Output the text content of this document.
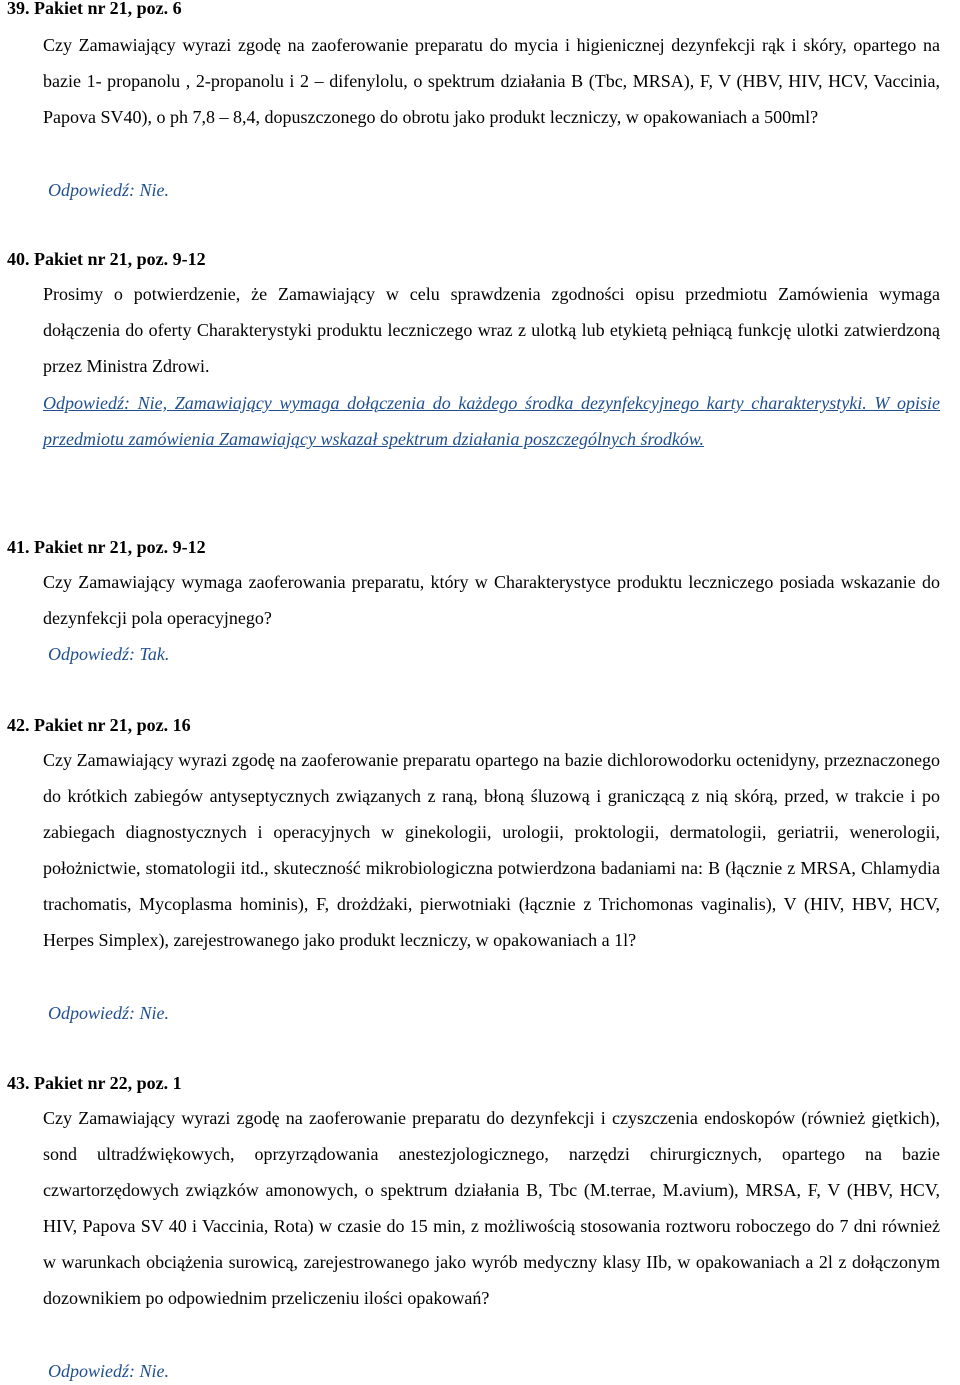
39. Pakiet nr 21, poz. 6
Czy Zamawiający wyrazi zgodę na zaoferowanie preparatu do mycia i higienicznej dezynfekcji rąk i skóry, opartego na bazie 1- propanolu , 2-propanolu i 2 – difenylolu, o spektrum działania B (Tbc, MRSA), F, V (HBV, HIV, HCV, Vaccinia, Papova SV40), o ph 7,8 – 8,4, dopuszczonego do obrotu jako produkt leczniczy, w opakowaniach a 500ml?
Odpowiedź: Nie.
40. Pakiet nr 21, poz. 9-12
Prosimy o potwierdzenie, że Zamawiający w celu sprawdzenia zgodności opisu przedmiotu Zamówienia wymaga dołączenia do oferty Charakterystyki produktu leczniczego wraz z ulotką lub etykietą pełniącą funkcję ulotki zatwierdzoną przez Ministra Zdrowi.
Odpowiedź: Nie, Zamawiający wymaga dołączenia do każdego środka dezynfekcyjnego karty charakterystyki. W opisie przedmiotu zamówienia Zamawiający wskazał spektrum działania poszczególnych środków.
41. Pakiet nr 21, poz. 9-12
Czy Zamawiający wymaga zaoferowania preparatu, który w Charakterystyce produktu leczniczego posiada wskazanie do dezynfekcji pola operacyjnego?
Odpowiedź: Tak.
42. Pakiet nr 21, poz. 16
Czy Zamawiający wyrazi zgodę na zaoferowanie preparatu opartego na bazie dichlorowodorku octenidyny, przeznaczonego do krótkich zabiegów antyseptycznych związanych z raną, błoną śluzową i graniczącą z nią skórą, przed, w trakcie i po zabiegach diagnostycznych i operacyjnych w ginekologii, urologii, proktologii, dermatologii, geriatrii, wenerologii, położnictwie, stomatologii itd., skuteczność mikrobiologiczna potwierdzona badaniami na: B (łącznie z MRSA, Chlamydia trachomatis, Mycoplasma hominis), F, drożdżaki, pierwotniaki (łącznie z Trichomonas vaginalis), V (HIV, HBV, HCV, Herpes Simplex), zarejestrowanego jako produkt leczniczy, w opakowaniach a 1l?
Odpowiedź: Nie.
43. Pakiet nr 22, poz. 1
Czy Zamawiający wyrazi zgodę na zaoferowanie preparatu do dezynfekcji i czyszczenia endoskopów (również giętkich), sond ultradźwiękowych, oprzyrządowania anestezjologicznego, narzędzi chirurgicznych, opartego na bazie czwartorzędowych związków amonowych, o spektrum działania B, Tbc (M.terrae, M.avium), MRSA, F, V (HBV, HCV, HIV, Papova SV 40 i Vaccinia, Rota) w czasie do 15 min, z możliwością stosowania roztworu roboczego do 7 dni również w warunkach obciążenia surowicą, zarejestrowanego jako wyrób medyczny klasy IIb, w opakowaniach a 2l z dołączonym dozownikiem po odpowiednim przeliczeniu ilości opakowań?
Odpowiedź: Nie.
